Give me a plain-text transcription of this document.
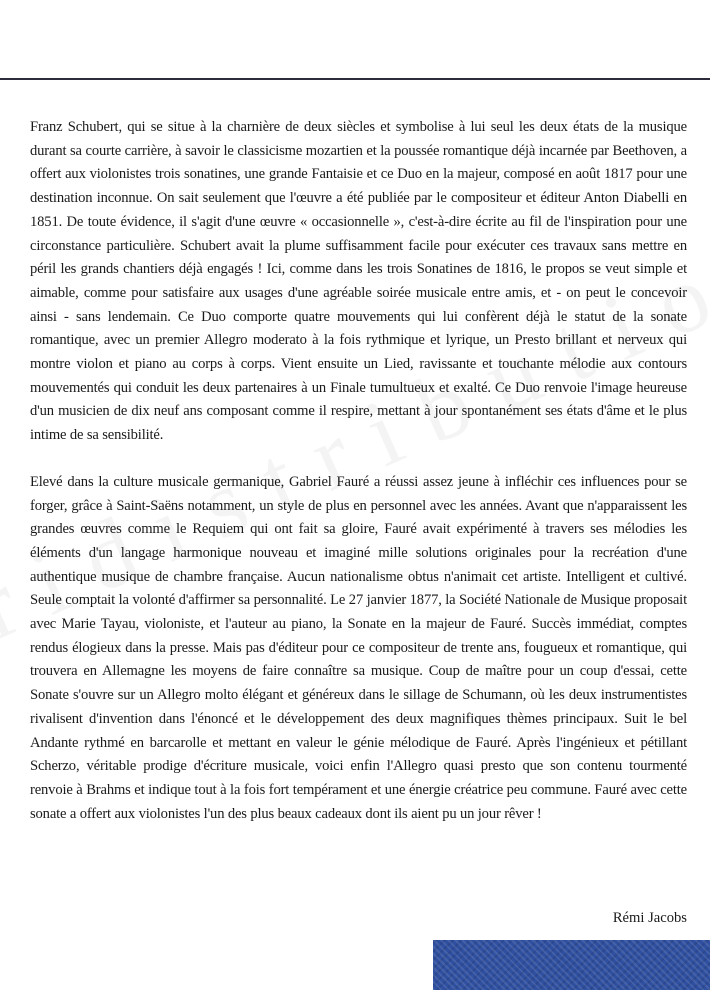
Franz Schubert, qui se situe à la charnière de deux siècles et symbolise à lui seul les deux états de la musique durant sa courte carrière, à savoir le classicisme mozartien et la poussée romantique déjà incarnée par Beethoven, a offert aux violonistes trois sonatines, une grande Fantaisie et ce Duo en la majeur, composé en août 1817 pour une destination inconnue. On sait seulement que l'œuvre a été publiée par le compositeur et éditeur Anton Diabelli en 1851. De toute évidence, il s'agit d'une œuvre « occasionnelle », c'est-à-dire écrite au fil de l'inspiration pour une circonstance particulière. Schubert avait la plume suffisamment facile pour exécuter ces travaux sans mettre en péril les grands chantiers déjà engagés ! Ici, comme dans les trois Sonatines de 1816, le propos se veut simple et aimable, comme pour satisfaire aux usages d'une agréable soirée musicale entre amis, et - on peut le concevoir ainsi - sans lendemain. Ce Duo comporte quatre mouvements qui lui confèrent déjà le statut de la sonate romantique, avec un premier Allegro moderato à la fois rythmique et lyrique, un Presto brillant et nerveux qui montre violon et piano au corps à corps. Vient ensuite un Lied, ravissante et touchante mélodie aux contours mouvementés qui conduit les deux partenaires à un Finale tumultueux et exalté. Ce Duo renvoie l'image heureuse d'un musicien de dix neuf ans composant comme il respire, mettant à jour spontanément ses états d'âme et le plus intime de sa sensibilité.

Elevé dans la culture musicale germanique, Gabriel Fauré a réussi assez jeune à infléchir ces influences pour se forger, grâce à Saint-Saëns notamment, un style de plus en personnel avec les années. Avant que n'apparaissent les grandes œuvres comme le Requiem qui ont fait sa gloire, Fauré avait expérimenté à travers ses mélodies les éléments d'un langage harmonique nouveau et imaginé mille solutions originales pour la recréation d'une authentique musique de chambre française. Aucun nationalisme obtus n'animait cet artiste. Intelligent et cultivé. Seule comptait la volonté d'affirmer sa personnalité. Le 27 janvier 1877, la Société Nationale de Musique proposait avec Marie Tayau, violoniste, et l'auteur au piano, la Sonate en la majeur de Fauré. Succès immédiat, comptes rendus élogieux dans la presse. Mais pas d'éditeur pour ce compositeur de trente ans, fougueux et romantique, qui trouvera en Allemagne les moyens de faire connaître sa musique. Coup de maître pour un coup d'essai, cette Sonate s'ouvre sur un Allegro molto élégant et généreux dans le sillage de Schumann, où les deux instrumentistes rivalisent d'invention dans l'énoncé et le développement des deux magnifiques thèmes principaux. Suit le bel Andante rythmé en barcarolle et mettant en valeur le génie mélodique de Fauré. Après l'ingénieux et pétillant Scherzo, véritable prodige d'écriture musicale, voici enfin l'Allegro quasi presto que son contenu tourmenté renvoie à Brahms et indique tout à la fois fort tempérament et une énergie créatrice peu commune. Fauré avec cette sonate a offert aux violonistes l'un des plus beaux cadeaux dont ils aient pu un jour rêver !

Rémi Jacobs
